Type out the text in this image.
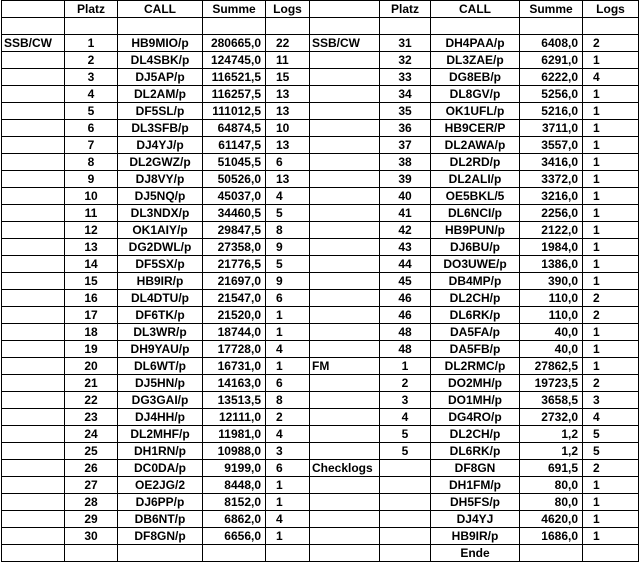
	Platz	CALL	Summe	Logs		Platz	CALL	Summe	Logs

SSB/CW	1	HB9MIO/p	280665,0	22	SSB/CW	31	DH4PAA/p	6408,0	2
	2	DL4SBK/p	124745,0	11		32	DL3ZAE/p	6291,0	1
	3	DJ5AP/p	116521,5	15		33	DG8EB/p	6222,0	4
	4	DL2AM/p	116257,5	13		34	DL8GV/p	5256,0	1
	5	DF5SL/p	111012,5	13		35	OK1UFL/p	5216,0	1
	6	DL3SFB/p	64874,5	10		36	HB9CER/P	3711,0	1
	7	DJ4YJ/p	61147,5	13		37	DL2AWA/p	3557,0	1
	8	DL2GWZ/p	51045,5	6		38	DL2RD/p	3416,0	1
	9	DJ8VY/p	50526,0	13		39	DL2ALI/p	3372,0	1
	10	DJ5NQ/p	45037,0	4		40	OE5BKL/5	3216,0	1
	11	DL3NDX/p	34460,5	5		41	DL6NCI/p	2256,0	1
	12	OK1AIY/p	29847,5	8		42	HB9PUN/p	2122,0	1
	13	DG2DWL/p	27358,0	9		43	DJ6BU/p	1984,0	1
	14	DF5SX/p	21776,5	5		44	DO3UWE/p	1386,0	1
	15	HB9IR/p	21697,0	9		45	DB4MP/p	390,0	1
	16	DL4DTU/p	21547,0	6		46	DL2CH/p	110,0	2
	17	DF6TK/p	21520,0	1		46	DL6RK/p	110,0	2
	18	DL3WR/p	18744,0	1		48	DA5FA/p	40,0	1
	19	DH9YAU/p	17728,0	4		48	DA5FB/p	40,0	1
	20	DL6WT/p	16731,0	1	FM	1	DL2RMC/p	27862,5	1
	21	DJ5HN/p	14163,0	6		2	DO2MH/p	19723,5	2
	22	DG3GAI/p	13513,5	8		3	DO1MH/p	3658,5	3
	23	DJ4HH/p	12111,0	2		4	DG4RO/p	2732,0	4
	24	DL2MHF/p	11981,0	4		5	DL2CH/p	1,2	5
	25	DH1RN/p	10988,0	3		5	DL6RK/p	1,2	5
	26	DC0DA/p	9199,0	6	Checklogs		DF8GN	691,5	2
	27	OE2JG/2	8448,0	1			DH1FM/p	80,0	1
	28	DJ6PP/p	8152,0	1			DH5FS/p	80,0	1
	29	DB6NT/p	6862,0	4			DJ4YJ	4620,0	1
	30	DF8GN/p	6656,0	1			HB9IR/p	1686,0	1
							Ende		
